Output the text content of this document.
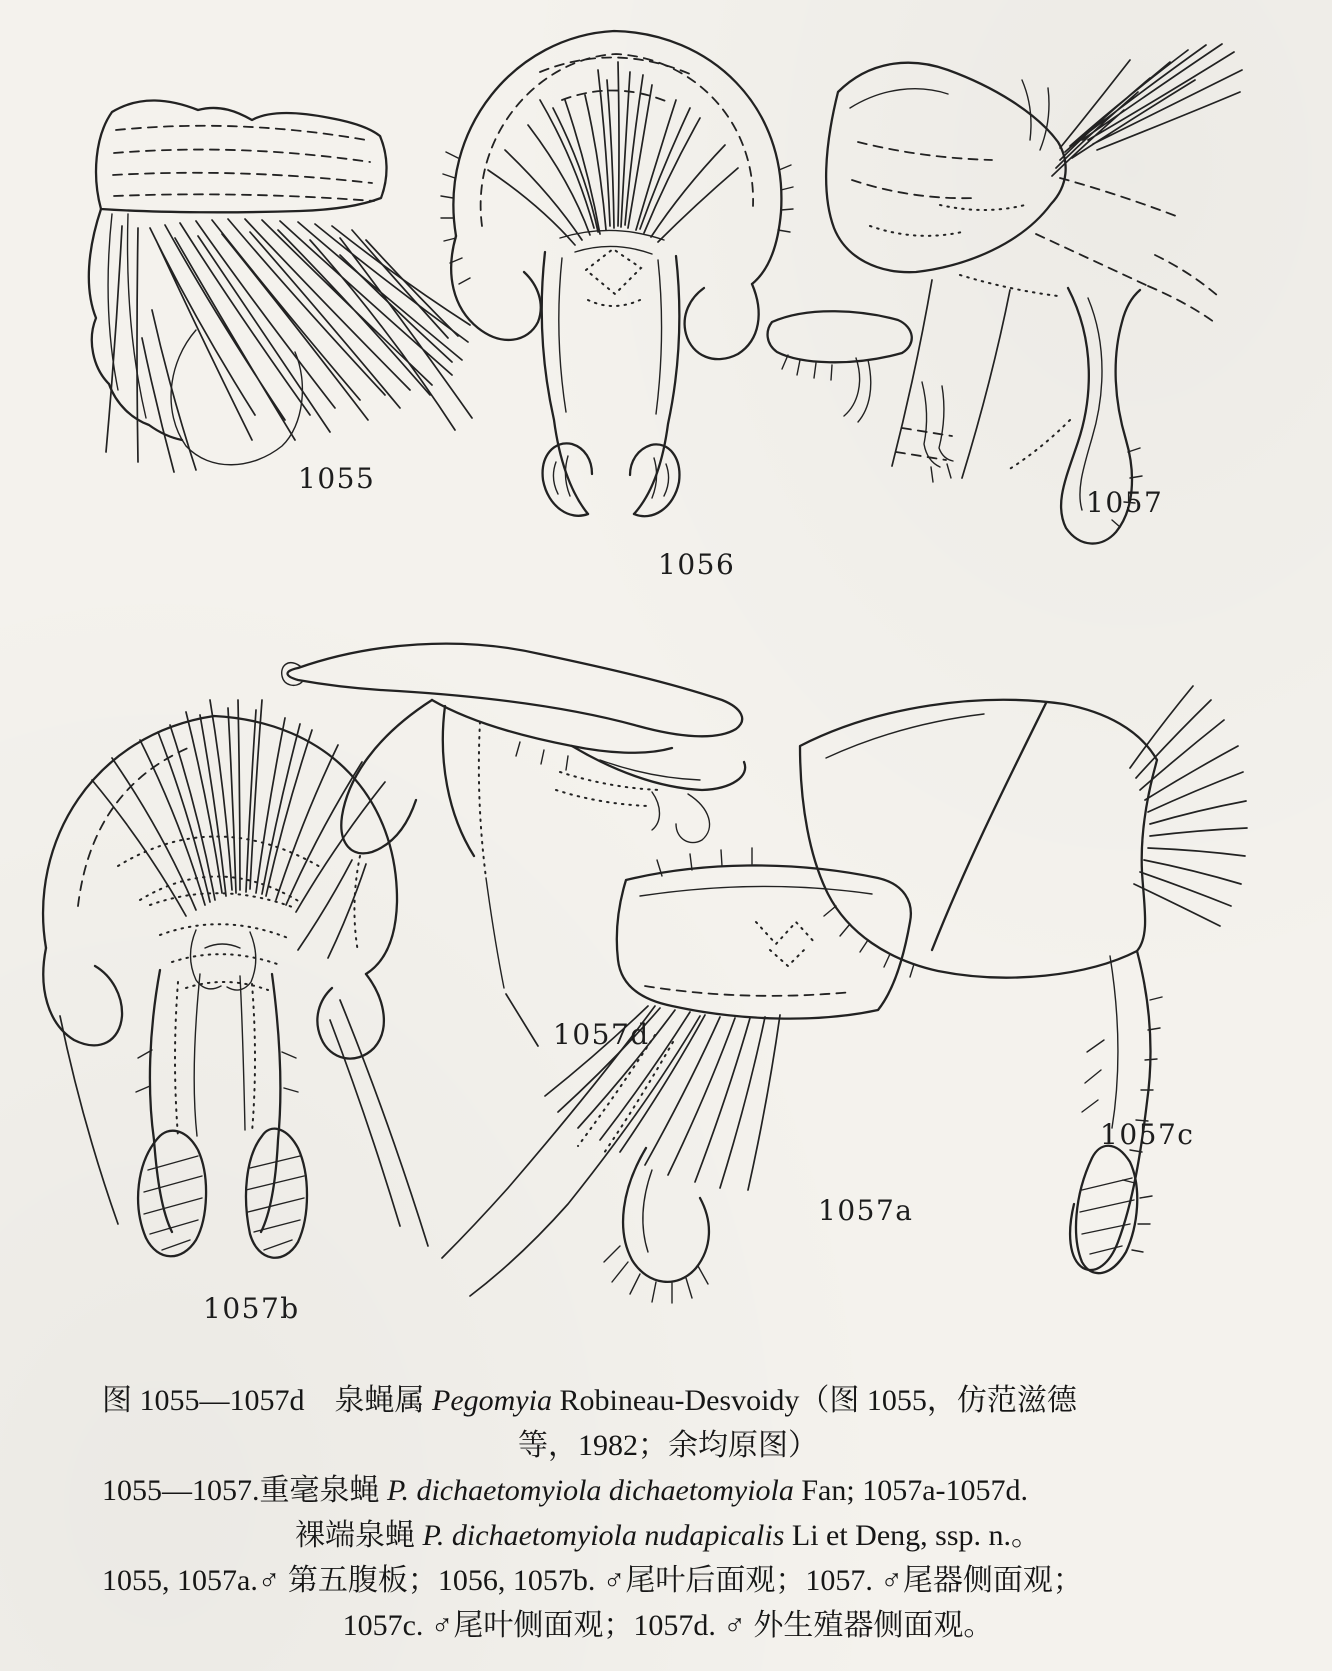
1055
1056
1057
1057d
1057a
1057b
1057c
图 1055—1057d　泉蝇属 Pegomyia Robineau-Desvoidy（图 1055，仿范滋德
等，1982；余均原图）
1055—1057.重毫泉蝇 P. dichaetomyiola dichaetomyiola Fan; 1057a-1057d.
裸端泉蝇 P. dichaetomyiola nudapicalis Li et Deng, ssp. n.。
1055, 1057a.♂ 第五腹板；1056, 1057b. ♂尾叶后面观；1057. ♂尾器侧面观；
1057c. ♂尾叶侧面观；1057d. ♂ 外生殖器侧面观。
